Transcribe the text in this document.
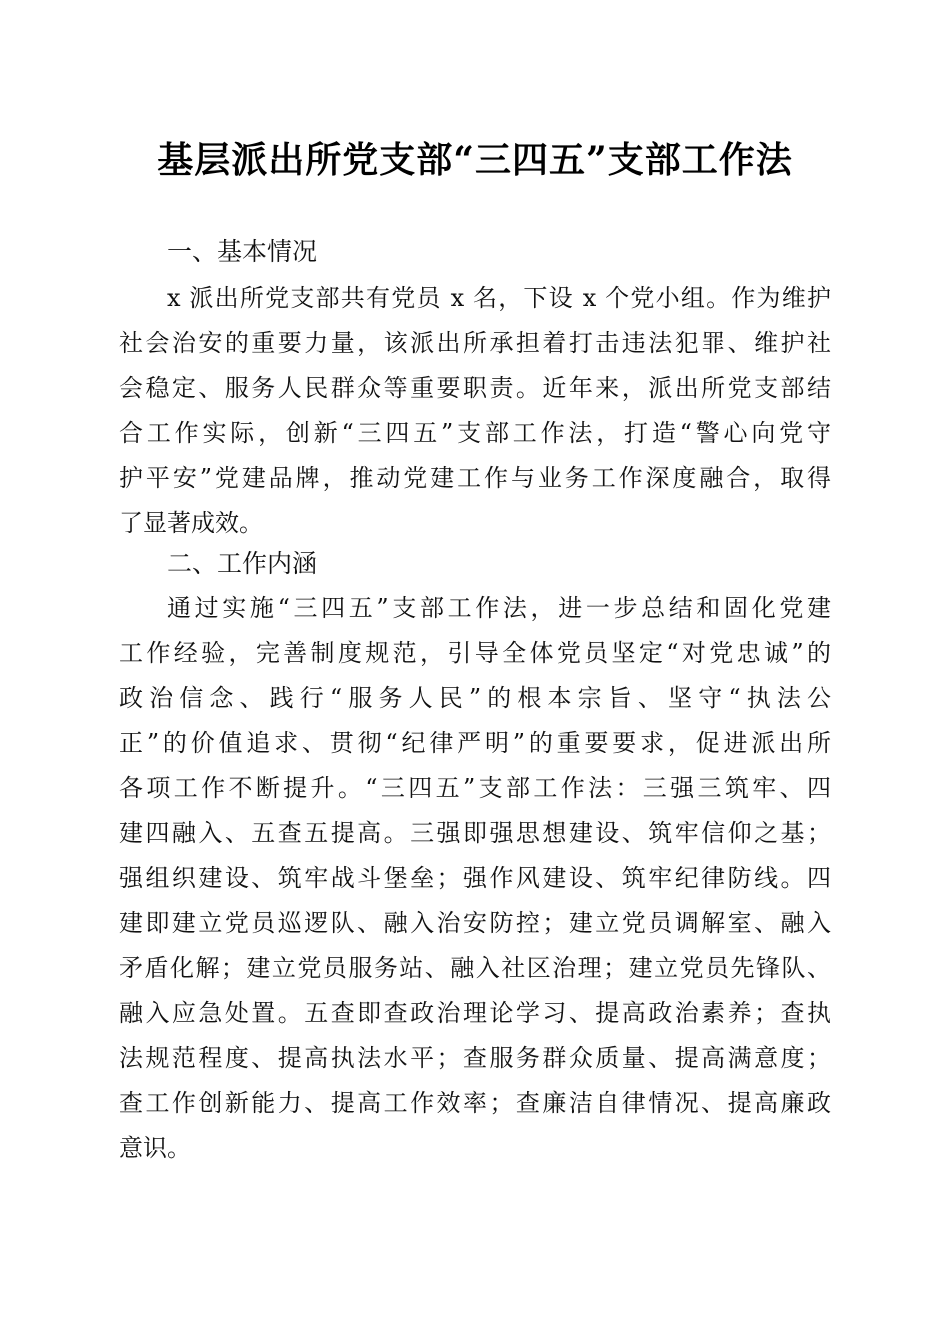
基层派出所党支部“三四五”支部工作法
一、基本情况
x 派出所党支部共有党员 x 名，下设 x 个党小组。作为维护
社会治安的重要力量，该派出所承担着打击违法犯罪、维护社
会稳定、服务人民群众等重要职责。近年来，派出所党支部结
合工作实际，创新“三四五”支部工作法，打造“警心向党守
护平安”党建品牌，推动党建工作与业务工作深度融合，取得
了显著成效。
二、工作内涵
通过实施“三四五”支部工作法，进一步总结和固化党建
工作经验，完善制度规范，引导全体党员坚定“对党忠诚”的
政治信念、践行“服务人民”的根本宗旨、坚守“执法公
正”的价值追求、贯彻“纪律严明”的重要要求，促进派出所
各项工作不断提升。“三四五”支部工作法：三强三筑牢、四
建四融入、五查五提高。三强即强思想建设、筑牢信仰之基；
强组织建设、筑牢战斗堡垒；强作风建设、筑牢纪律防线。四
建即建立党员巡逻队、融入治安防控；建立党员调解室、融入
矛盾化解；建立党员服务站、融入社区治理；建立党员先锋队、
融入应急处置。五查即查政治理论学习、提高政治素养；查执
法规范程度、提高执法水平；查服务群众质量、提高满意度；
查工作创新能力、提高工作效率；查廉洁自律情况、提高廉政
意识。
